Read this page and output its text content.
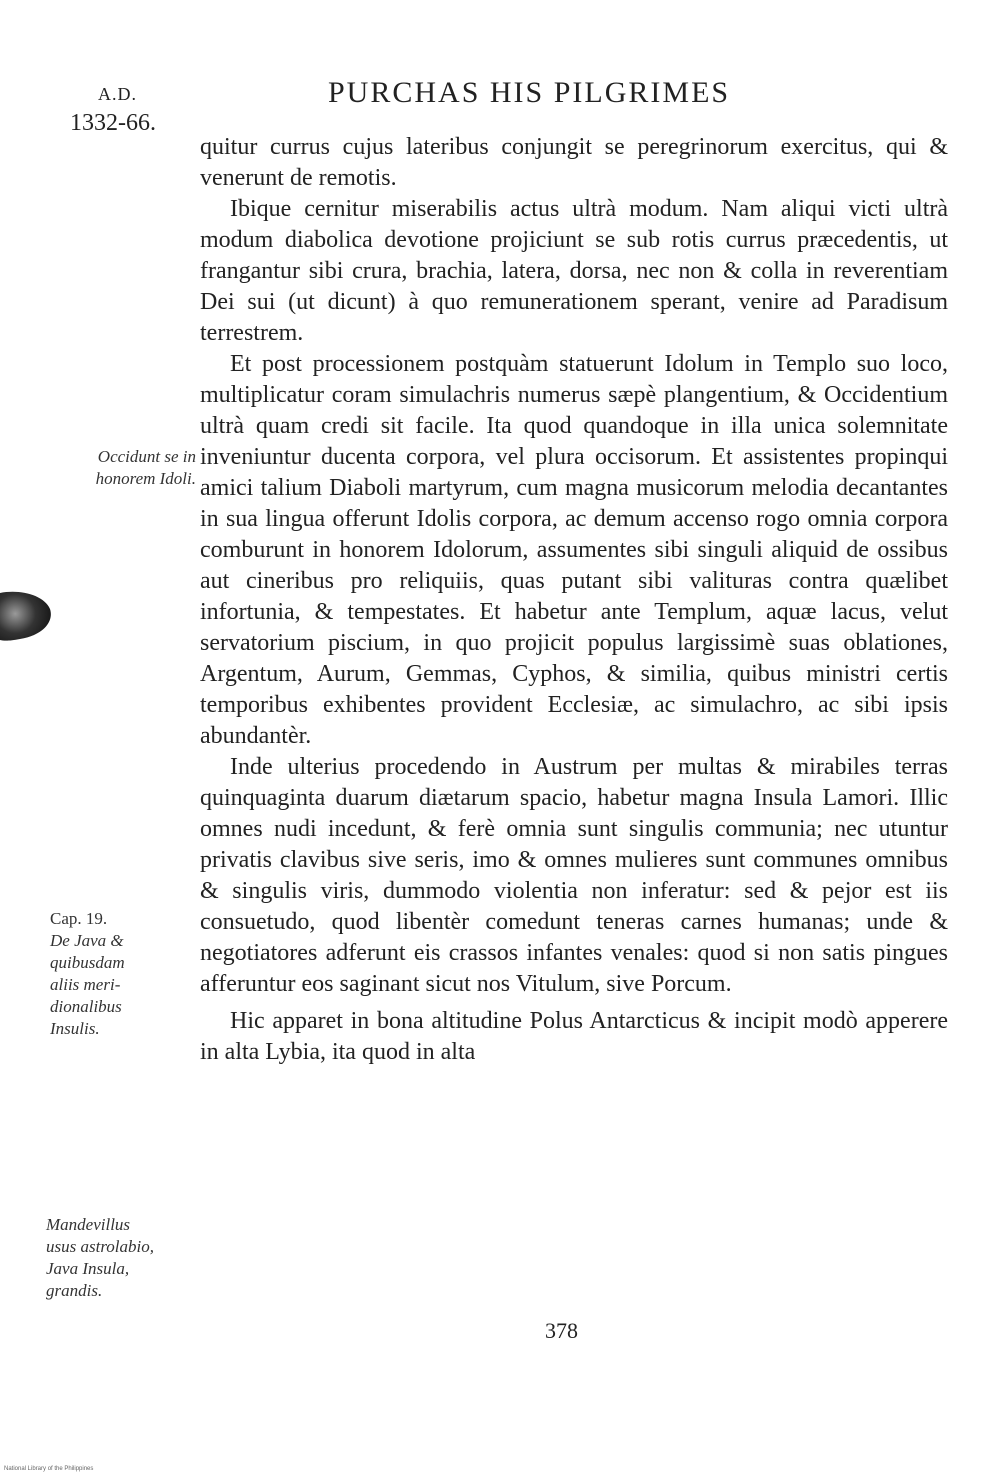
A.D.
1332-66.
PURCHAS HIS PILGRIMES

quitur currus cujus lateribus conjungit se peregrinorum exercitus, qui & venerunt de remotis.

Ibique cernitur miserabilis actus ultrà modum. Nam aliqui victi ultrà modum diabolica devotione projiciunt se sub rotis currus præcedentis, ut frangantur sibi crura, brachia, latera, dorsa, nec non & colla in reverentiam Dei sui (ut dicunt) à quo remunerationem sperant, venire ad Paradisum terrestrem.

Et post processionem postquàm statuerunt Idolum in Templo suo loco, multiplicatur coram simulachris numerus sæpè plangentium, & Occidentium ultrà quam credi sit facile. Ita quod quandoque in illa unica solemnitate inveniuntur ducenta corpora, vel plura occisorum. Et assistentes propinqui amici talium Diaboli martyrum, cum magna musicorum melodia decantantes in sua lingua offerunt Idolis corpora, ac demum accenso rogo omnia corpora comburunt in honorem Idolorum, assumentes sibi singuli aliquid de ossibus aut cineribus pro reliquiis, quas putant sibi valituras contra quælibet infortunia, & tempestates. Et habetur ante Templum, aquæ lacus, velut servatorium piscium, in quo projicit populus largissimè suas oblationes, Argentum, Aurum, Gemmas, Cyphos, & similia, quibus ministri certis temporibus exhibentes provident Ecclesiæ, ac simulachro, ac sibi ipsis abundantèr.

Inde ulterius procedendo in Austrum per multas & mirabiles terras quinquaginta duarum diætarum spacio, habetur magna Insula Lamori. Illic omnes nudi incedunt, & ferè omnia sunt singulis communia; nec utuntur privatis clavibus sive seris, imo & omnes mulieres sunt communes omnibus & singulis viris, dummodo violentia non inferatur: sed & pejor est iis consuetudo, quod libentèr comedunt teneras carnes humanas; unde & negotiatores adferunt eis crassos infantes venales: quod si non satis pingues afferuntur eos saginant sicut nos Vitulum, sive Porcum.

Hic apparet in bona altitudine Polus Antarcticus & incipit modò apperere in alta Lybia, ita quod in alta

Occidunt se in
honorem Idoli.
Cap. 19.
De Java &
quibusdam
aliis meri-
dionalibus
Insulis.
Mandevillus
usus astrolabio,
Java Insula,
grandis.
378
National Library of the Philippines
